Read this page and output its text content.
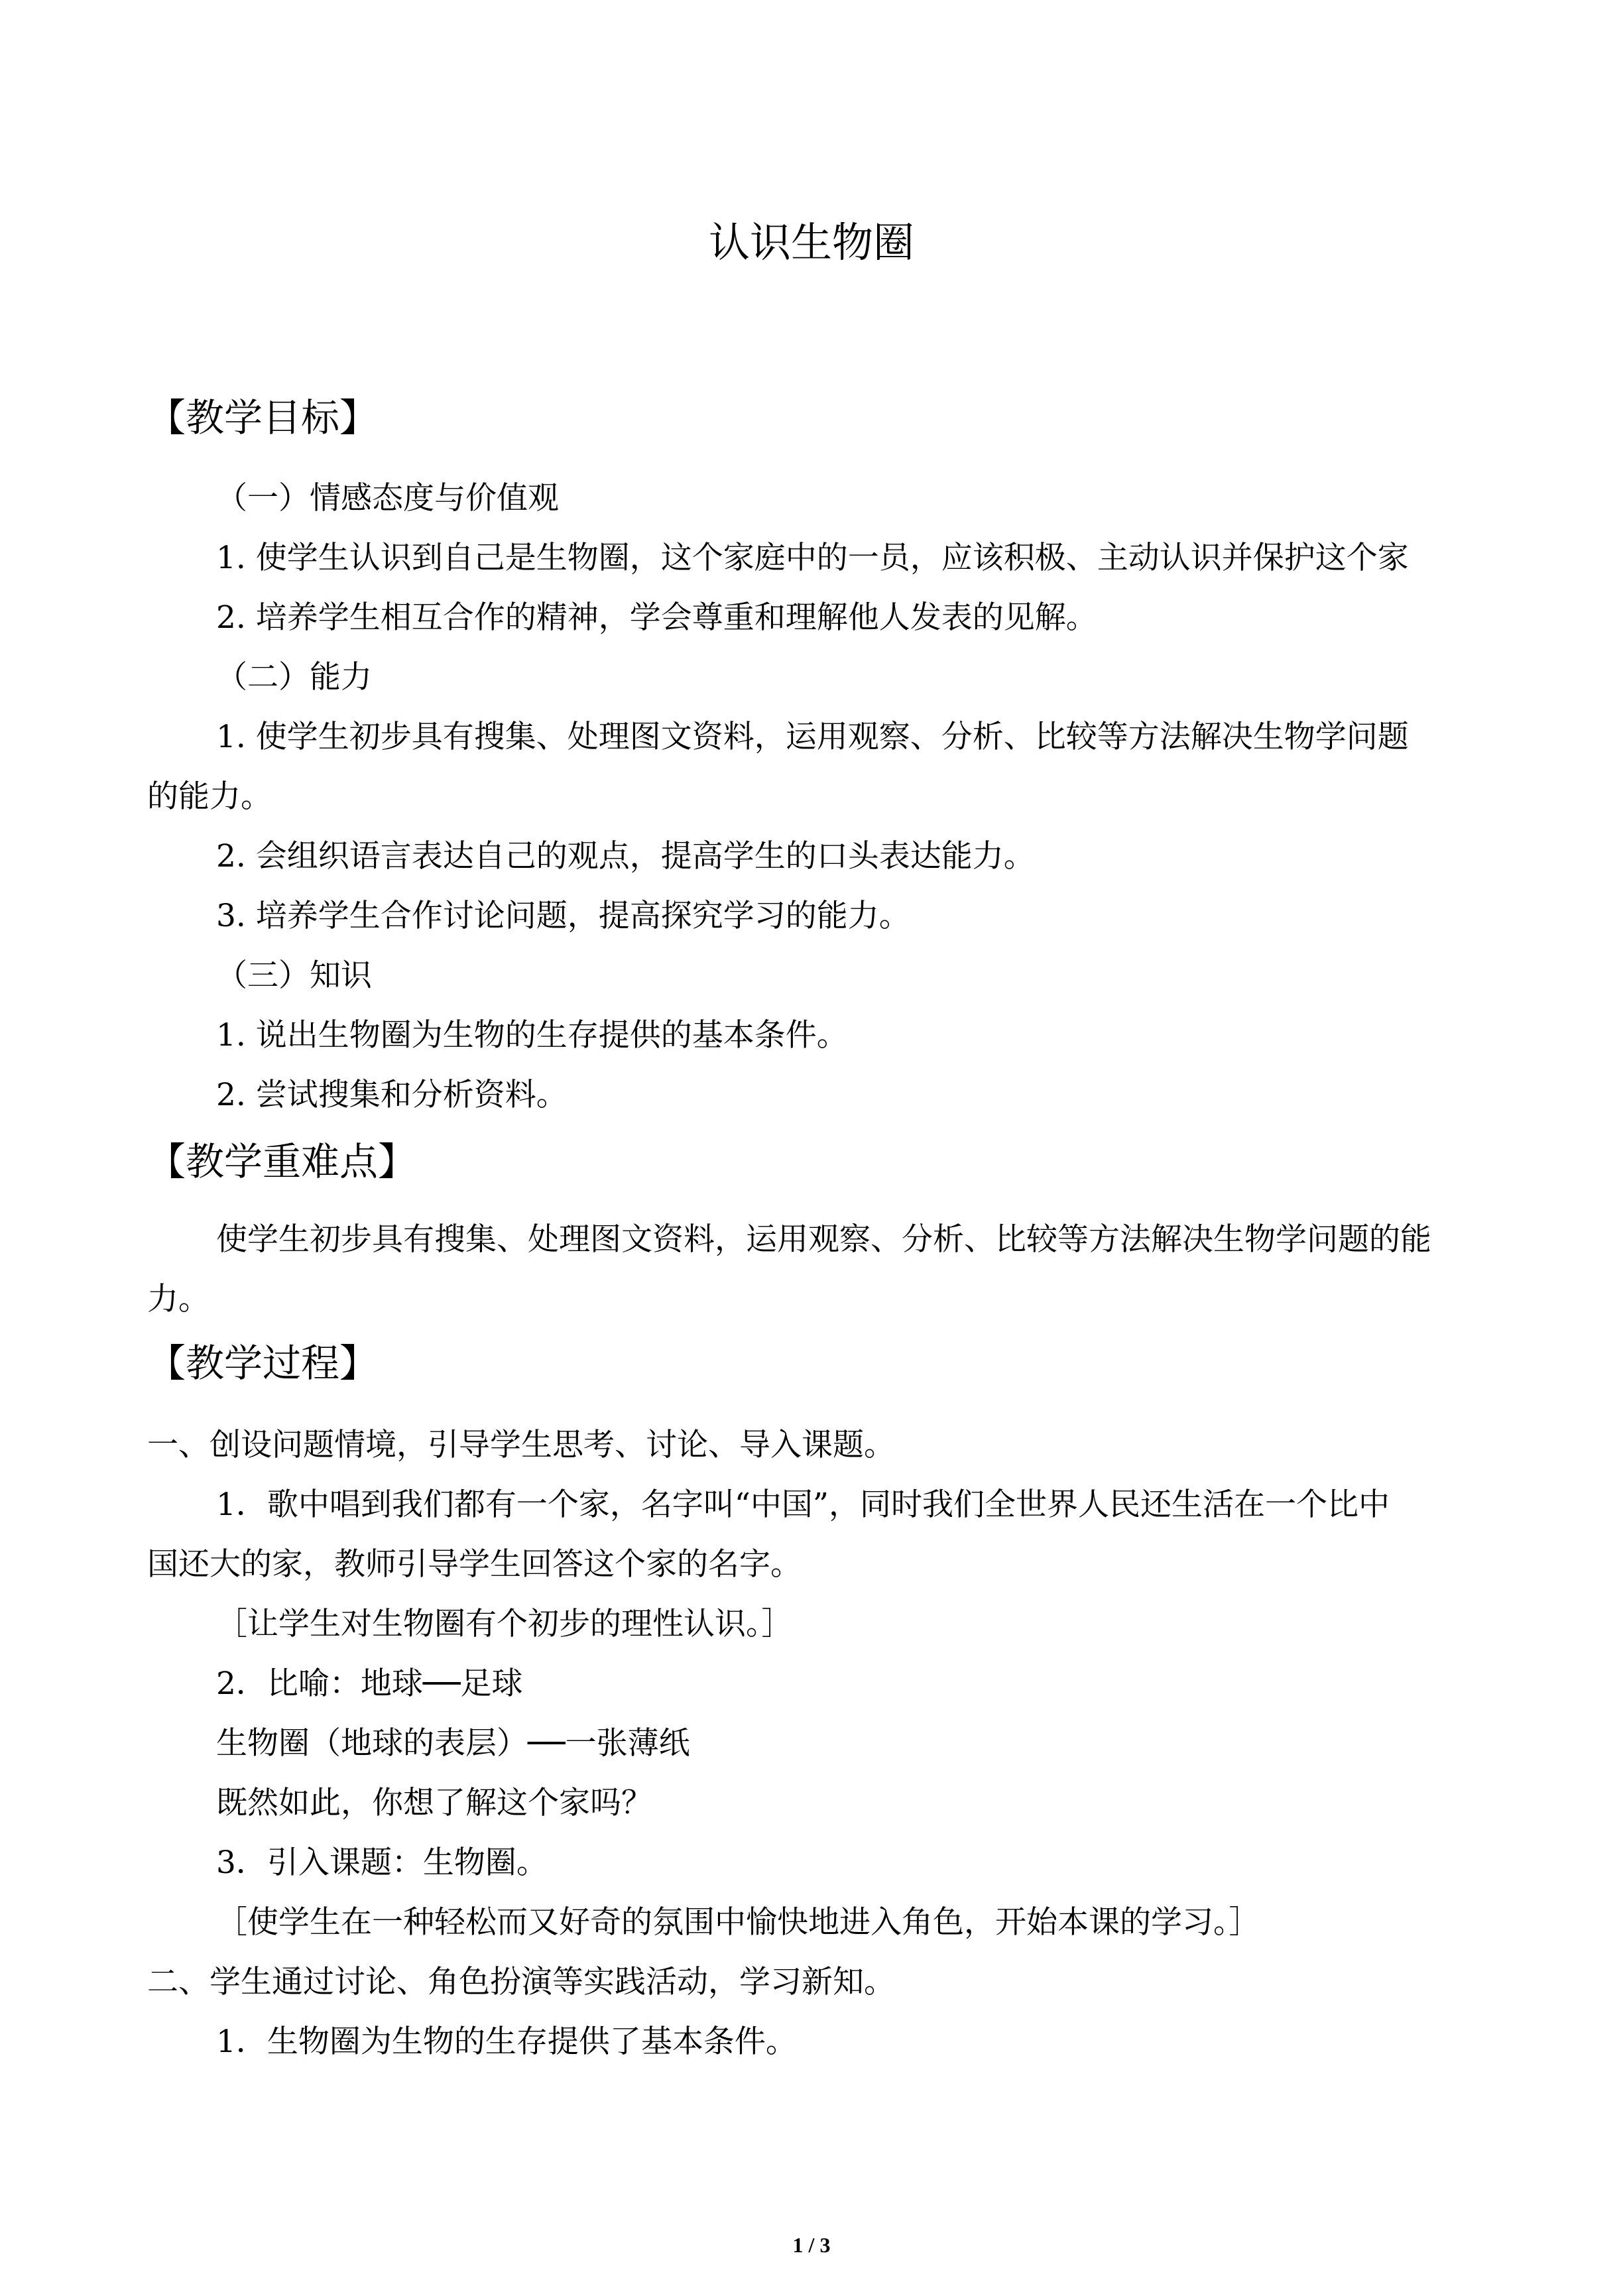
认识生物圈
【教学目标】
（一）情感态度与价值观
1. 使学生认识到自己是生物圈，这个家庭中的一员，应该积极、主动认识并保护这个家
2. 培养学生相互合作的精神，学会尊重和理解他人发表的见解。
（二）能力
1. 使学生初步具有搜集、处理图文资料，运用观察、分析、比较等方法解决生物学问题
的能力。
2. 会组织语言表达自己的观点，提高学生的口头表达能力。
3. 培养学生合作讨论问题，提高探究学习的能力。
（三）知识
1. 说出生物圈为生物的生存提供的基本条件。
2. 尝试搜集和分析资料。
【教学重难点】
使学生初步具有搜集、处理图文资料，运用观察、分析、比较等方法解决生物学问题的能
力。
【教学过程】
一、创设问题情境，引导学生思考、讨论、导入课题。
1．歌中唱到我们都有一个家，名字叫“中国”，同时我们全世界人民还生活在一个比中
国还大的家，教师引导学生回答这个家的名字。
［让学生对生物圈有个初步的理性认识。］
2．比喻：地球──足球
生物圈（地球的表层）──一张薄纸
既然如此，你想了解这个家吗？
3．引入课题：生物圈。
［使学生在一种轻松而又好奇的氛围中愉快地进入角色，开始本课的学习。］
二、学生通过讨论、角色扮演等实践活动，学习新知。
1．生物圈为生物的生存提供了基本条件。
1 / 3
